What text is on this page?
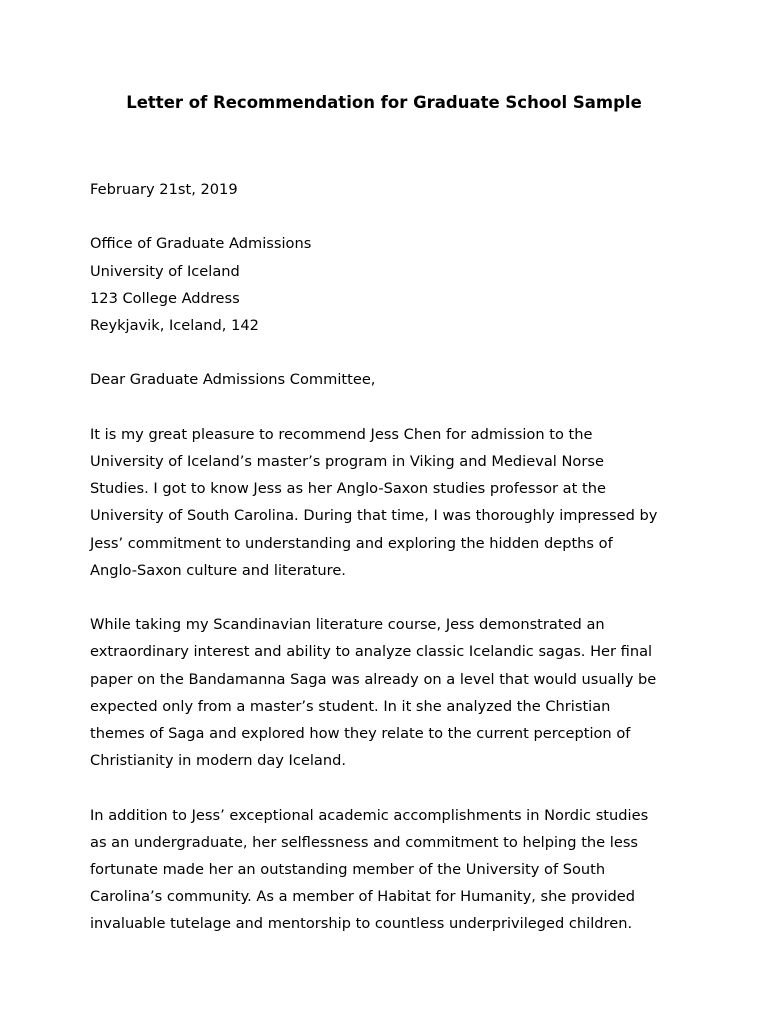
Letter of Recommendation for Graduate School Sample
February 21st, 2019
Office of Graduate Admissions
University of Iceland
123 College Address
Reykjavik, Iceland, 142
Dear Graduate Admissions Committee,
It is my great pleasure to recommend Jess Chen for admission to the
University of Iceland’s master’s program in Viking and Medieval Norse
Studies. I got to know Jess as her Anglo-Saxon studies professor at the
University of South Carolina. During that time, I was thoroughly impressed by
Jess’ commitment to understanding and exploring the hidden depths of
Anglo-Saxon culture and literature.
While taking my Scandinavian literature course, Jess demonstrated an
extraordinary interest and ability to analyze classic Icelandic sagas. Her final
paper on the Bandamanna Saga was already on a level that would usually be
expected only from a master’s student. In it she analyzed the Christian
themes of Saga and explored how they relate to the current perception of
Christianity in modern day Iceland.
In addition to Jess’ exceptional academic accomplishments in Nordic studies
as an undergraduate, her selflessness and commitment to helping the less
fortunate made her an outstanding member of the University of South
Carolina’s community. As a member of Habitat for Humanity, she provided
invaluable tutelage and mentorship to countless underprivileged children.
